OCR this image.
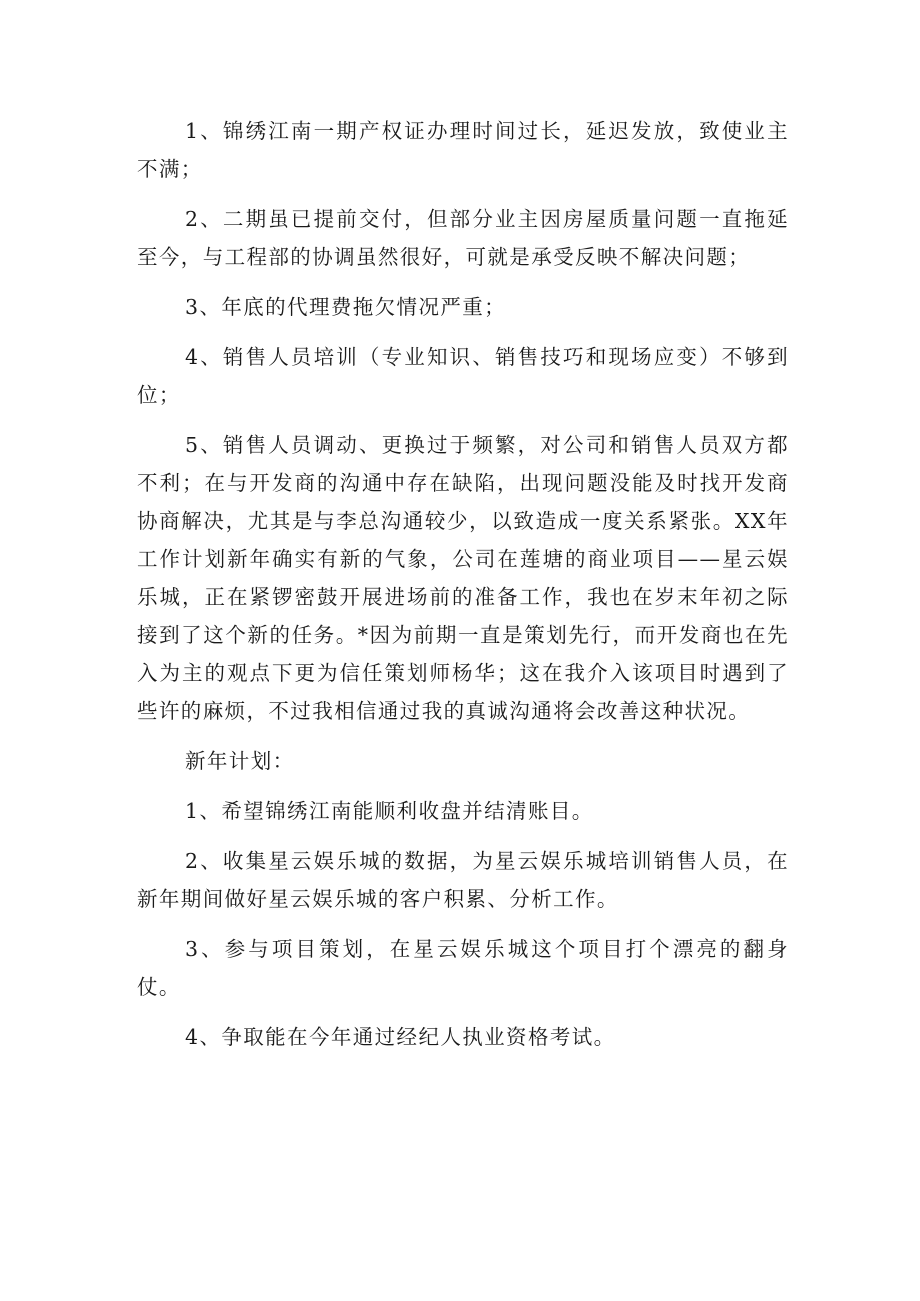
1、锦绣江南一期产权证办理时间过长，延迟发放，致使业主不满；

2、二期虽已提前交付，但部分业主因房屋质量问题一直拖延至今，与工程部的协调虽然很好，可就是承受反映不解决问题；

3、年底的代理费拖欠情况严重；

4、销售人员培训（专业知识、销售技巧和现场应变）不够到位；

5、销售人员调动、更换过于频繁，对公司和销售人员双方都不利；在与开发商的沟通中存在缺陷，出现问题没能及时找开发商协商解决，尤其是与李总沟通较少，以致造成一度关系紧张。XX年工作计划新年确实有新的气象，公司在莲塘的商业项目——星云娱乐城，正在紧锣密鼓开展进场前的准备工作，我也在岁末年初之际接到了这个新的任务。*因为前期一直是策划先行，而开发商也在先入为主的观点下更为信任策划师杨华；这在我介入该项目时遇到了些许的麻烦，不过我相信通过我的真诚沟通将会改善这种状况。

新年计划：

1、希望锦绣江南能顺利收盘并结清账目。

2、收集星云娱乐城的数据，为星云娱乐城培训销售人员，在新年期间做好星云娱乐城的客户积累、分析工作。

3、参与项目策划，在星云娱乐城这个项目打个漂亮的翻身仗。

4、争取能在今年通过经纪人执业资格考试。
